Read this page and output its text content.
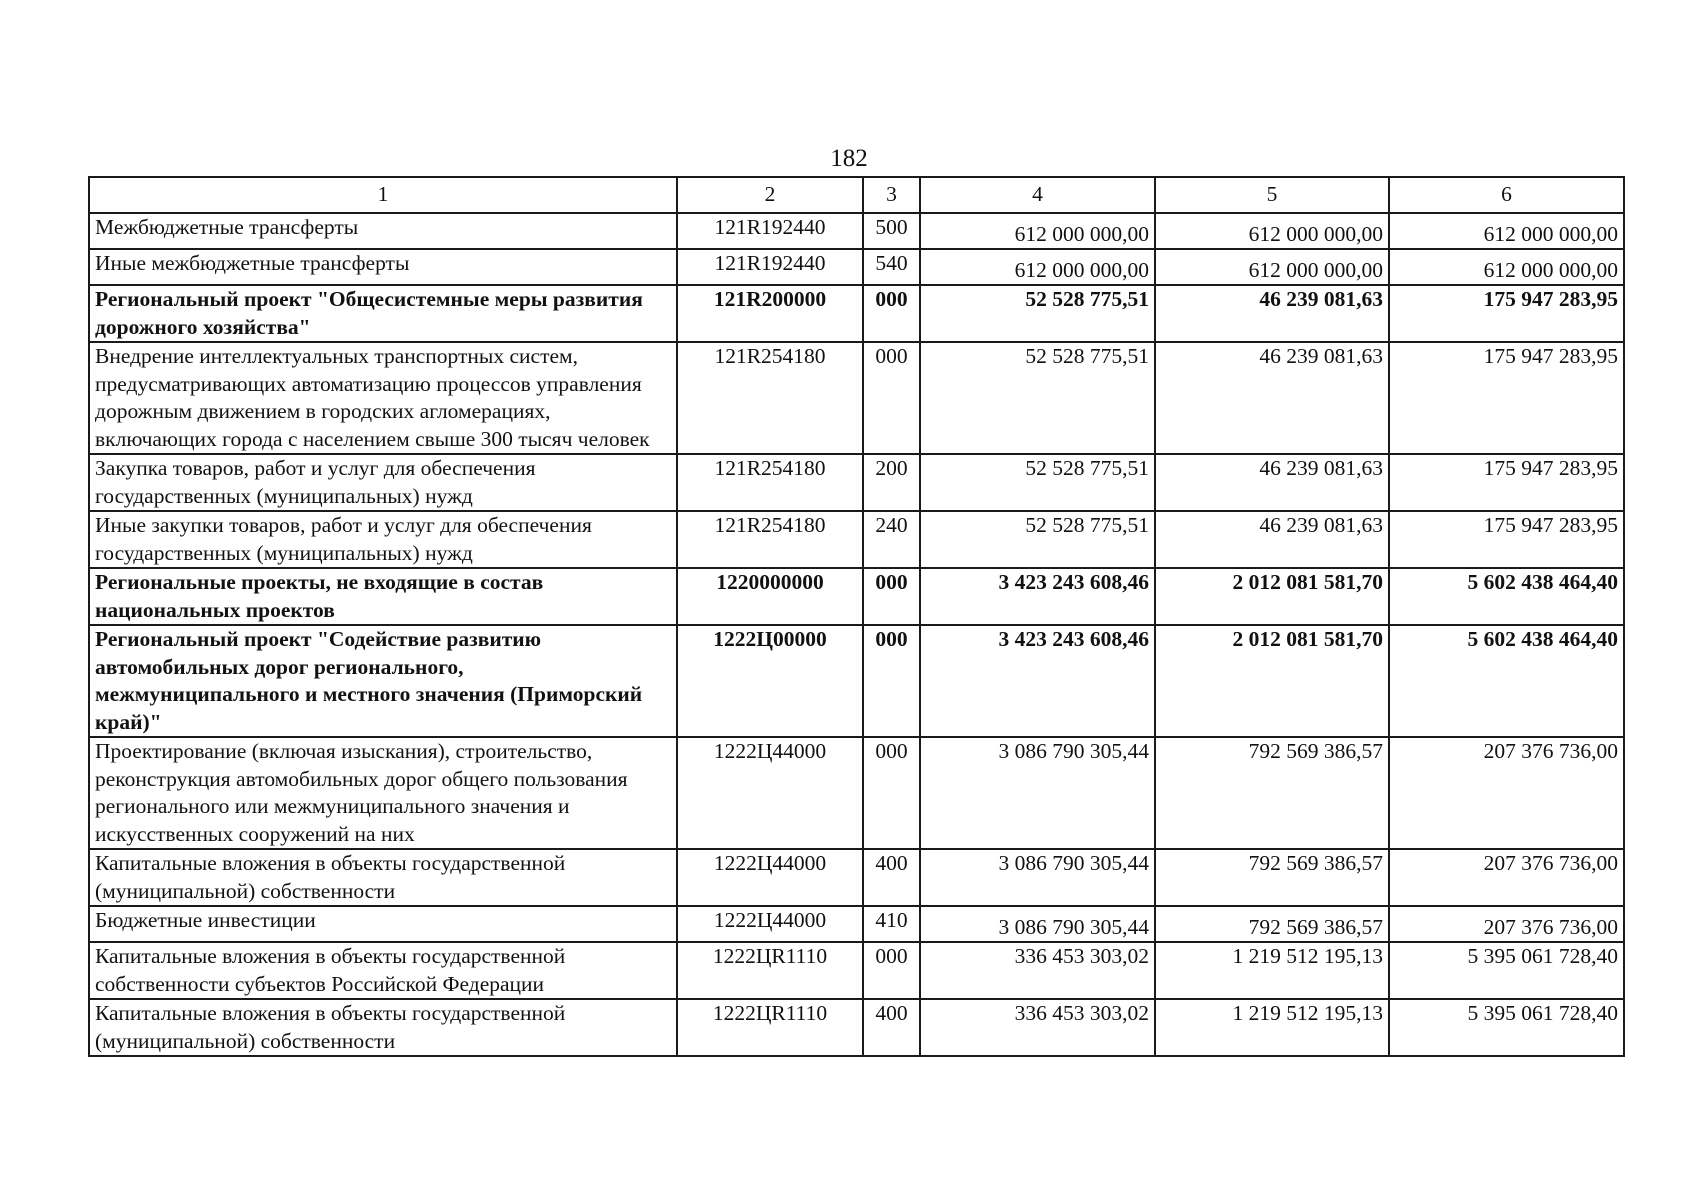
182
1	2	3	4	5	6
Межбюджетные трансферты	121R192440	500	612 000 000,00	612 000 000,00	612 000 000,00
Иные межбюджетные трансферты	121R192440	540	612 000 000,00	612 000 000,00	612 000 000,00
Региональный проект "Общесистемные меры развития дорожного хозяйства"	121R200000	000	52 528 775,51	46 239 081,63	175 947 283,95
Внедрение интеллектуальных транспортных систем, предусматривающих автоматизацию процессов управления дорожным движением в городских агломерациях, включающих города с населением свыше 300 тысяч человек	121R254180	000	52 528 775,51	46 239 081,63	175 947 283,95
Закупка товаров, работ и услуг для обеспечения государственных (муниципальных) нужд	121R254180	200	52 528 775,51	46 239 081,63	175 947 283,95
Иные закупки товаров, работ и услуг для обеспечения государственных (муниципальных) нужд	121R254180	240	52 528 775,51	46 239 081,63	175 947 283,95
Региональные проекты, не входящие в состав национальных проектов	1220000000	000	3 423 243 608,46	2 012 081 581,70	5 602 438 464,40
Региональный проект "Содействие развитию автомобильных дорог регионального, межмуниципального и местного значения (Приморский край)"	1222Ц00000	000	3 423 243 608,46	2 012 081 581,70	5 602 438 464,40
Проектирование (включая изыскания), строительство, реконструкция автомобильных дорог общего пользования регионального или межмуниципального значения и искусственных сооружений на них	1222Ц44000	000	3 086 790 305,44	792 569 386,57	207 376 736,00
Капитальные вложения в объекты государственной (муниципальной) собственности	1222Ц44000	400	3 086 790 305,44	792 569 386,57	207 376 736,00
Бюджетные инвестиции	1222Ц44000	410	3 086 790 305,44	792 569 386,57	207 376 736,00
Капитальные вложения в объекты государственной собственности субъектов Российской Федерации	1222ЦR1110	000	336 453 303,02	1 219 512 195,13	5 395 061 728,40
Капитальные вложения в объекты государственной (муниципальной) собственности	1222ЦR1110	400	336 453 303,02	1 219 512 195,13	5 395 061 728,40
